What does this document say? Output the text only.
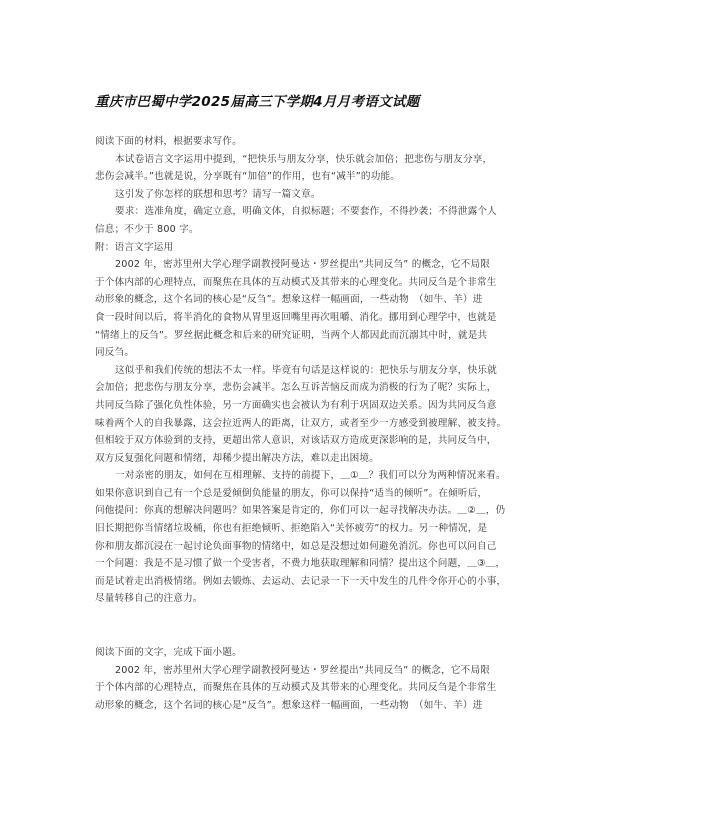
重庆市巴蜀中学2025届高三下学期4月月考语文试题
阅读下面的材料，根据要求写作。
本试卷语言文字运用中提到，“把快乐与朋友分享，快乐就会加倍；把悲伤与朋友分享，
悲伤会减半。”也就是说，分享既有“加倍”的作用，也有“减半”的功能。
这引发了你怎样的联想和思考？请写一篇文章。
要求：选准角度，确定立意，明确文体，自拟标题；不要套作，不得抄袭；不得泄露个人
信息；不少于 800 字。
附：语言文字运用
2002 年，密苏里州大学心理学副教授阿曼达・罗丝提出“共同反刍” 的概念，它不局限
于个体内部的心理特点，而聚焦在具体的互动模式及其带来的心理变化。共同反刍是个非常生
动形象的概念，这个名词的核心是“反刍”。想象这样一幅画面，一些动物　（如牛、羊）进
食一段时间以后，将半消化的食物从胃里返回嘴里再次咀嚼、消化。挪用到心理学中，也就是
“情绪上的反刍”。罗丝据此概念和后来的研究证明，当两个人都因此而沉溺其中时，就是共
同反刍。
这似乎和我们传统的想法不太一样。毕竟有句话是这样说的：把快乐与朋友分享，快乐就
会加倍；把悲伤与朋友分享，悲伤会减半。怎么互诉苦恼反而成为消极的行为了呢？实际上，
共同反刍除了强化负性体验，另一方面确实也会被认为有利于巩固双边关系。因为共同反刍意
味着两个人的自我暴露，这会拉近两人的距离，让双方，或者至少一方感受到被理解、被支持。
但相较于双方体验到的支持，更超出常人意识，对该话双方造成更深影响的是，共同反刍中，
双方反复强化问题和情绪，却稀少提出解决方法，难以走出困境。
一对亲密的朋友，如何在互相理解、支持的前提下，＿①＿？我们可以分为两种情况来看。
如果你意识到自己有一个总是爱倾倒负能量的朋友，你可以保持“适当的倾听”。在倾听后，
问他提问：你真的想解决问题吗？如果答案是肯定的，你们可以一起寻找解决办法。＿②＿，仍
旧长期把你当情绪垃圾桶，你也有拒绝倾听、拒绝陷入“关怀疲劳”的权力。另一种情况，是
你和朋友都沉浸在一起讨论负面事物的情绪中，如总是没想过如何避免消沉。你也可以问自己
一个问题：我是不是习惯了做一个受害者，不费力地获取理解和同情？提出这个问题，＿③＿，
而是试着走出消极情绪。例如去锻炼、去运动、去记录一下一天中发生的几件令你开心的小事，
尽量转移自己的注意力。
阅读下面的文字，完成下面小题。
2002 年，密苏里州大学心理学副教授阿曼达・罗丝提出“共同反刍” 的概念，它不局限
于个体内部的心理特点，而聚焦在具体的互动模式及其带来的心理变化。共同反刍是个非常生
动形象的概念，这个名词的核心是“反刍”。想象这样一幅画面，一些动物　（如牛、羊）进
